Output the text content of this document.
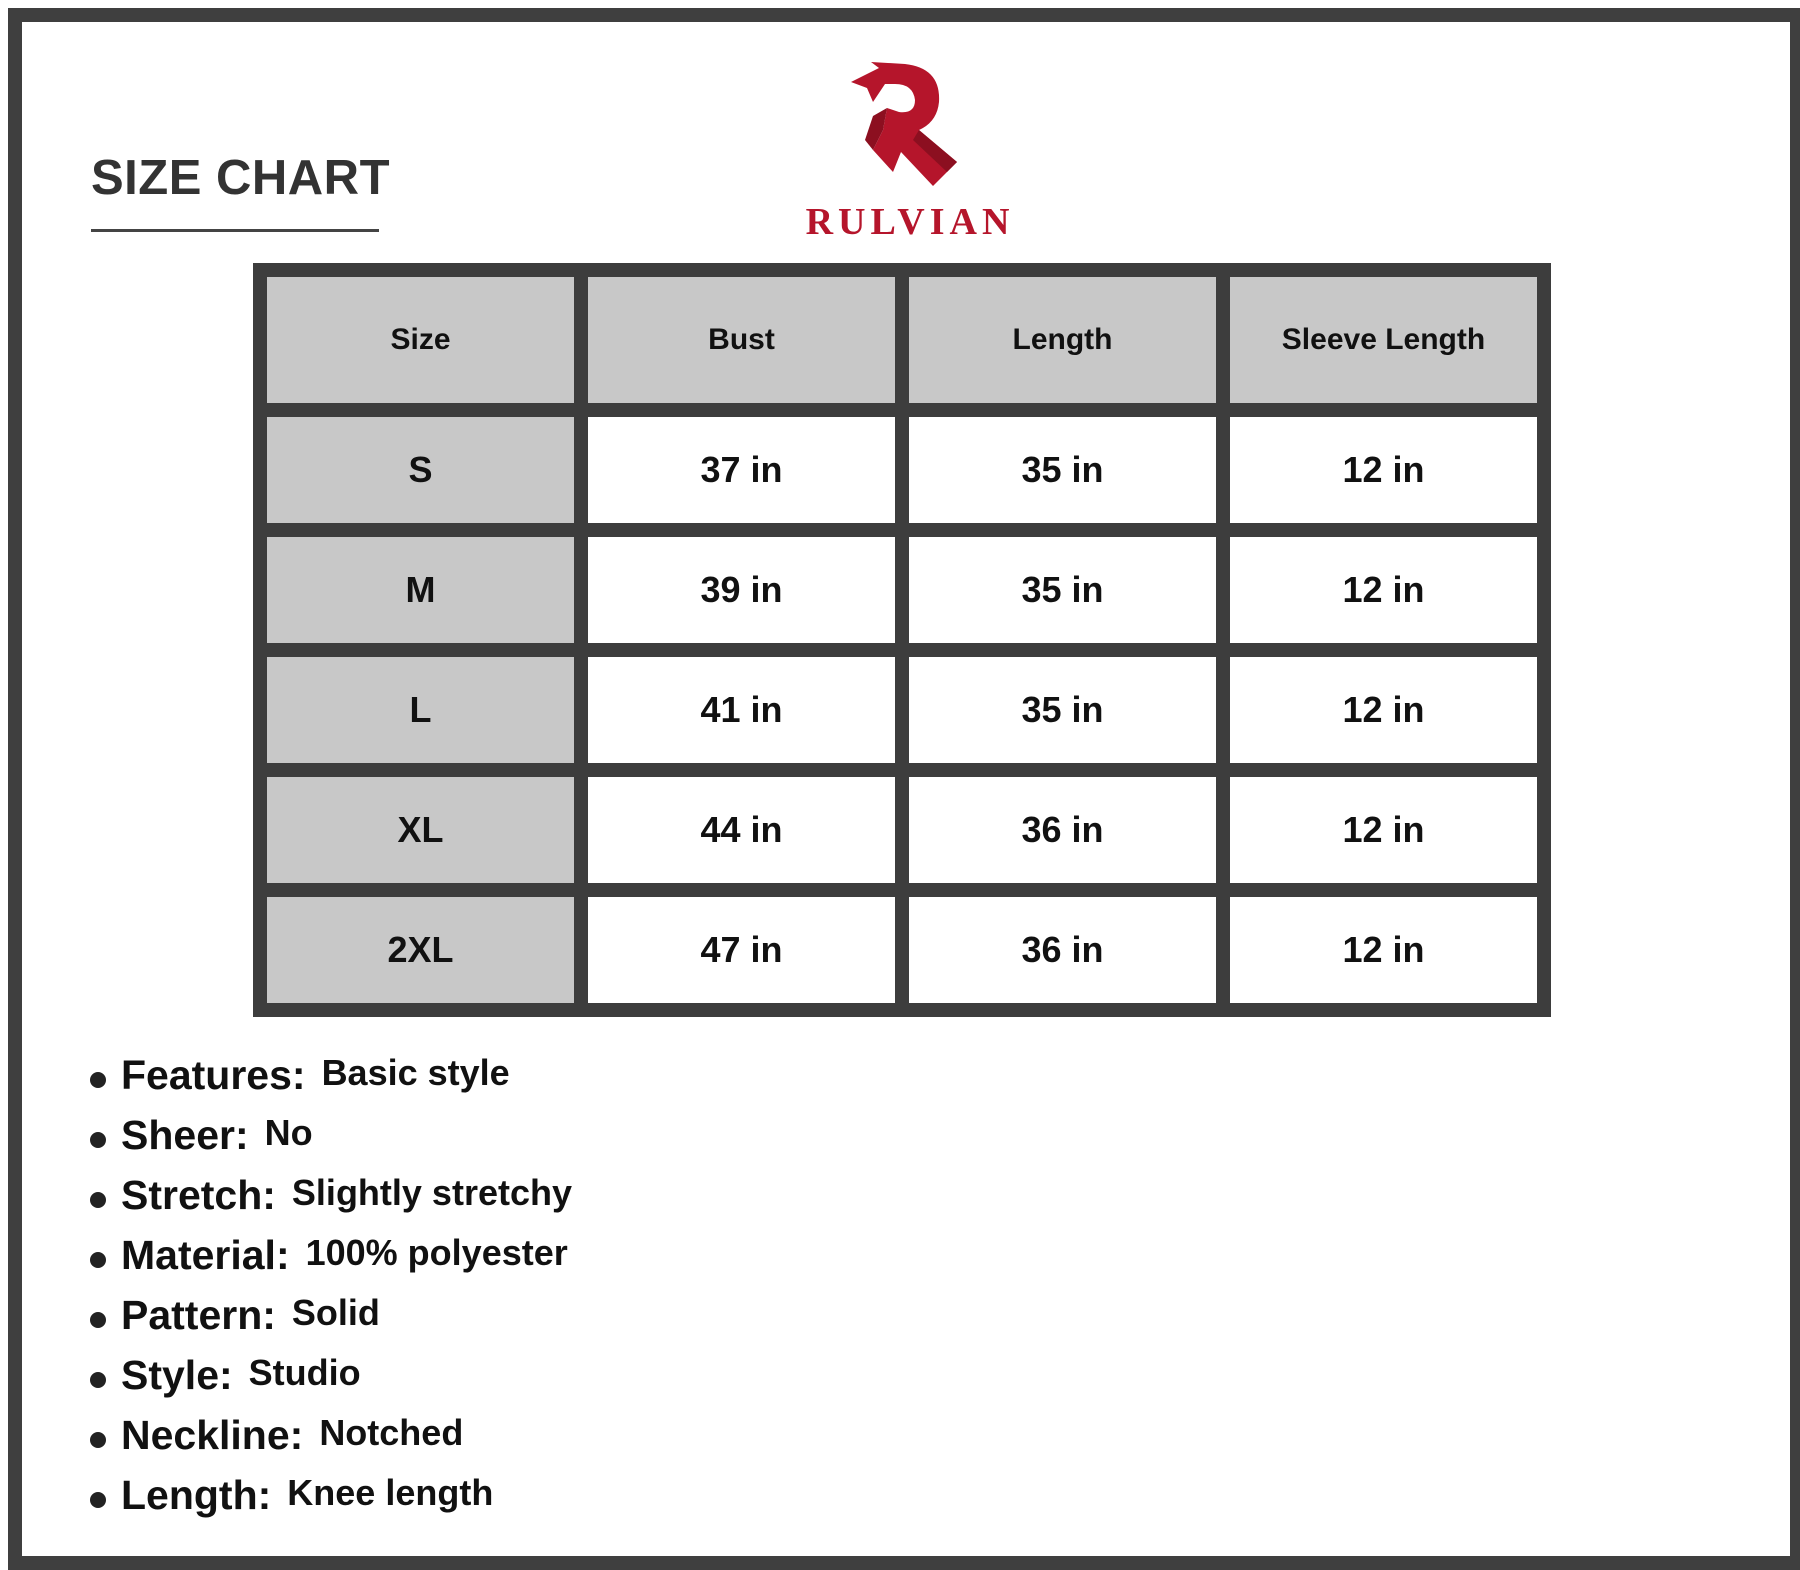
SIZE CHART
RULVIAN
Size	Bust	Length	Sleeve Length
S	37 in	35 in	12 in
M	39 in	35 in	12 in
L	41 in	35 in	12 in
XL	44 in	36 in	12 in
2XL	47 in	36 in	12 in
Features: Basic style
Sheer: No
Stretch: Slightly stretchy
Material: 100% polyester
Pattern: Solid
Style: Studio
Neckline: Notched
Length: Knee length
